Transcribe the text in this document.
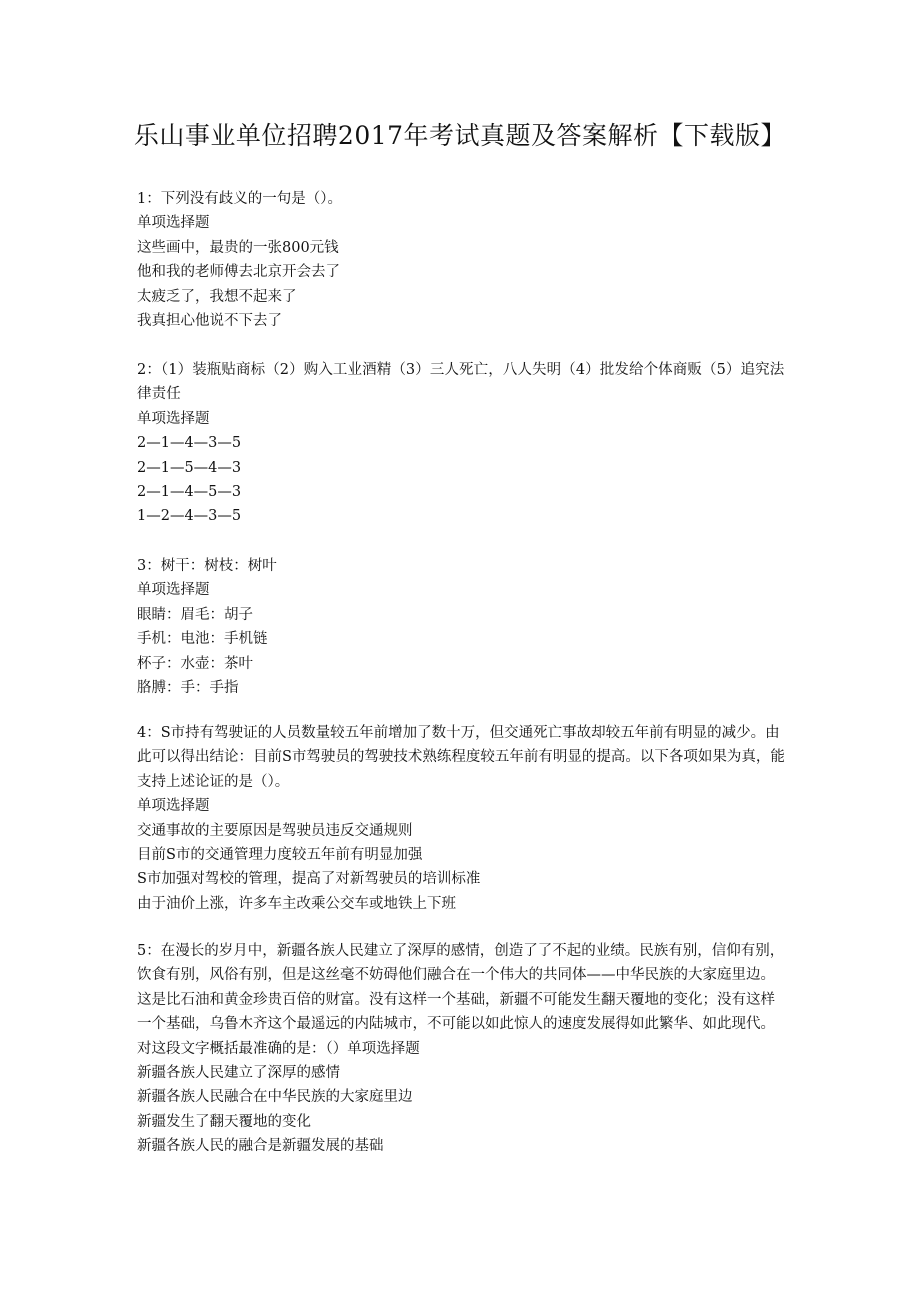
乐山事业单位招聘2017年考试真题及答案解析【下载版】

1：下列没有歧义的一句是（）。

单项选择题

这些画中，最贵的一张800元钱

他和我的老师傅去北京开会去了

太疲乏了，我想不起来了

我真担心他说不下去了

2：（1）装瓶贴商标（2）购入工业酒精（3）三人死亡，八人失明（4）批发给个体商贩（5）追究法律责任

单项选择题

2—1—4—3—5

2—1—5—4—3

2—1—4—5—3

1—2—4—3—5

3：树干：树枝：树叶

单项选择题

眼睛：眉毛：胡子

手机：电池：手机链

杯子：水壶：茶叶

胳膊：手：手指

4：S市持有驾驶证的人员数量较五年前增加了数十万，但交通死亡事故却较五年前有明显的减少。由此可以得出结论：目前S市驾驶员的驾驶技术熟练程度较五年前有明显的提高。以下各项如果为真，能支持上述论证的是（）。

单项选择题

交通事故的主要原因是驾驶员违反交通规则

目前S市的交通管理力度较五年前有明显加强

S市加强对驾校的管理，提高了对新驾驶员的培训标准

由于油价上涨，许多车主改乘公交车或地铁上下班

5：在漫长的岁月中，新疆各族人民建立了深厚的感情，创造了了不起的业绩。民族有别，信仰有别，饮食有别，风俗有别，但是这丝毫不妨碍他们融合在一个伟大的共同体——中华民族的大家庭里边。这是比石油和黄金珍贵百倍的财富。没有这样一个基础，新疆不可能发生翻天覆地的变化；没有这样一个基础，乌鲁木齐这个最遥远的内陆城市，不可能以如此惊人的速度发展得如此繁华、如此现代。对这段文字概括最准确的是：（）单项选择题

新疆各族人民建立了深厚的感情

新疆各族人民融合在中华民族的大家庭里边

新疆发生了翻天覆地的变化

新疆各族人民的融合是新疆发展的基础
